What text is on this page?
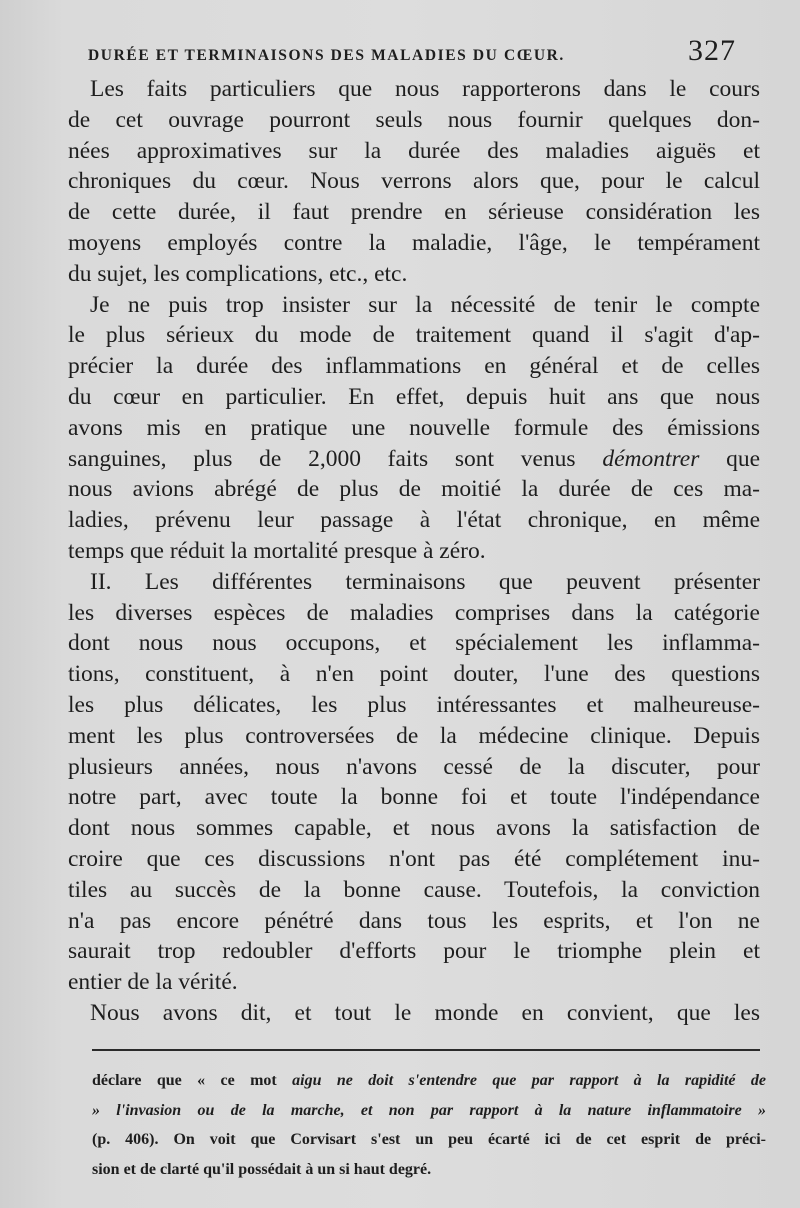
DURÉE ET TERMINAISONS DES MALADIES DU CŒUR.	327
Les faits particuliers que nous rapporterons dans le cours
de cet ouvrage pourront seuls nous fournir quelques don-
nées approximatives sur la durée des maladies aiguës et
chroniques du cœur. Nous verrons alors que, pour le calcul
de cette durée, il faut prendre en sérieuse considération les
moyens employés contre la maladie, l'âge, le tempérament
du sujet, les complications, etc., etc.
Je ne puis trop insister sur la nécessité de tenir le compte
le plus sérieux du mode de traitement quand il s'agit d'ap-
précier la durée des inflammations en général et de celles
du cœur en particulier. En effet, depuis huit ans que nous
avons mis en pratique une nouvelle formule des émissions
sanguines, plus de 2,000 faits sont venus démontrer que
nous avions abrégé de plus de moitié la durée de ces ma-
ladies, prévenu leur passage à l'état chronique, en même
temps que réduit la mortalité presque à zéro.
II. Les différentes terminaisons que peuvent présenter
les diverses espèces de maladies comprises dans la catégorie
dont nous nous occupons, et spécialement les inflamma-
tions, constituent, à n'en point douter, l'une des questions
les plus délicates, les plus intéressantes et malheureuse-
ment les plus controversées de la médecine clinique. Depuis
plusieurs années, nous n'avons cessé de la discuter, pour
notre part, avec toute la bonne foi et toute l'indépendance
dont nous sommes capable, et nous avons la satisfaction de
croire que ces discussions n'ont pas été complétement inu-
tiles au succès de la bonne cause. Toutefois, la conviction
n'a pas encore pénétré dans tous les esprits, et l'on ne
saurait trop redoubler d'efforts pour le triomphe plein et
entier de la vérité.
Nous avons dit, et tout le monde en convient, que les
déclare que « ce mot aigu ne doit s'entendre que par rapport à la rapidité de
» l'invasion ou de la marche, et non par rapport à la nature inflammatoire »
(p. 406). On voit que Corvisart s'est un peu écarté ici de cet esprit de préci-
sion et de clarté qu'il possédait à un si haut degré.
